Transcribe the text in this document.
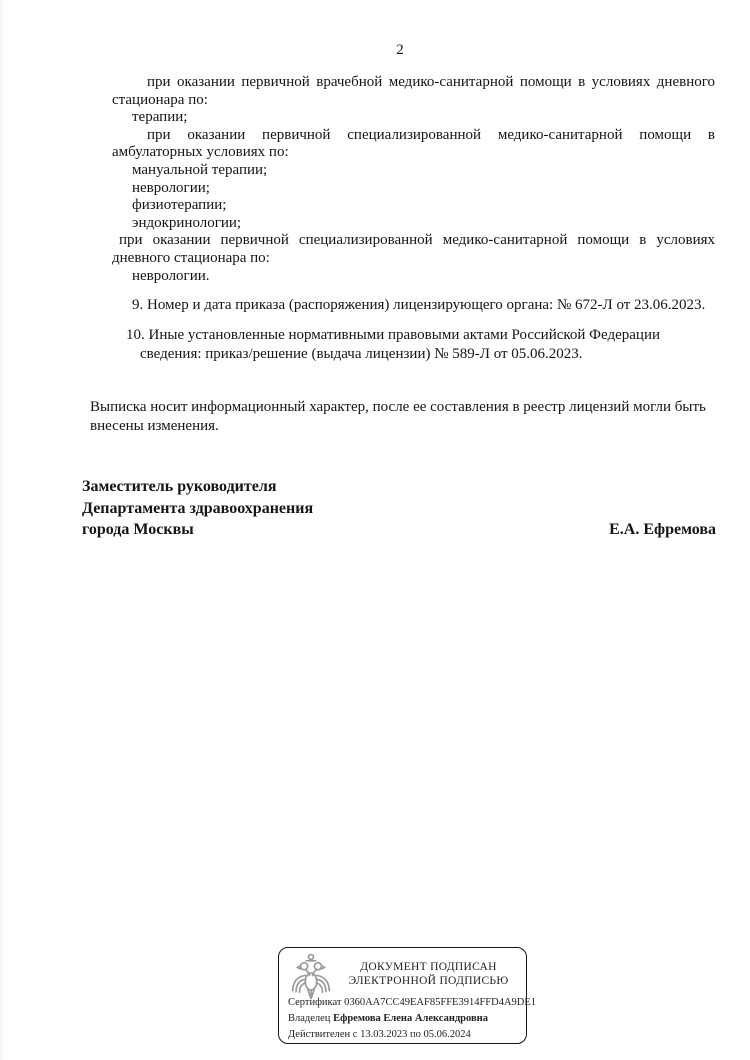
2
при оказании первичной врачебной медико-санитарной помощи в условиях дневного
стационара по:
терапии;
при оказании первичной специализированной медико-санитарной помощи в
амбулаторных условиях по:
мануальной терапии;
неврологии;
физиотерапии;
эндокринологии;
при оказании первичной специализированной медико-санитарной помощи в условиях
дневного стационара по:
неврологии.
9. Номер и дата приказа (распоряжения) лицензирующего органа: № 672-Л от 23.06.2023.
10. Иные установленные нормативными правовыми актами Российской Федерации
сведения: приказ/решение (выдача лицензии) № 589-Л от 05.06.2023.
Выписка носит информационный характер, после ее составления в реестр лицензий могли быть
внесены изменения.
Заместитель руководителя
Департамента здравоохранения
города Москвы	Е.А. Ефремова
ДОКУМЕНТ ПОДПИСАН
ЭЛЕКТРОННОЙ ПОДПИСЬЮ
Сертификат 0360AA7CC49EAF85FFE3914FFD4A9DE1
Владелец Ефремова Елена Александровна
Действителен с 13.03.2023 по 05.06.2024
